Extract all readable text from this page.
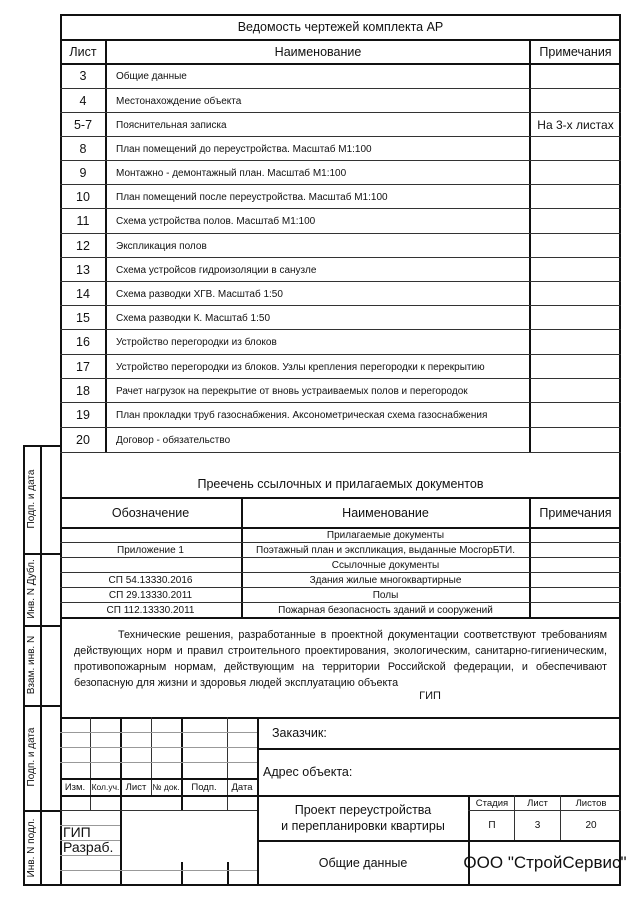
Ведомость чертежей комплекта АР
Лист	Наименование	Примечания
3	Общие данные
4	Местонахождение объекта
5-7	Пояснительная записка	На 3-х листах
8	План помещений до переустройства. Масштаб М1:100
9	Монтажно - демонтажный план. Масштаб М1:100
10	План помещений после переустройства. Масштаб М1:100
11	Схема устройства полов. Масштаб М1:100
12	Экспликация полов
13	Схема устройсов гидроизоляции в санузле
14	Схема разводки ХГВ. Масштаб 1:50
15	Схема разводки К. Масштаб 1:50
16	Устройство перегородки из блоков
17	Устройство перегородки из блоков. Узлы крепления перегородки к перекрытию
18	Рачет нагрузок на перекрытие от вновь устраиваемых полов и перегородок
19	План прокладки труб газоснабжения. Аксонометрическая схема газоснабжения
20	Договор - обязательство
Преечень ссылочных и прилагаемых документов
Обозначение	Наименование	Примечания
Прилагаемые документы
Приложение 1	Поэтажный план и экспликация, выданные МосгорБТИ.
Ссылочные документы
СП 54.13330.2016	Здания жилые многоквартирные
СП 29.13330.2011	Полы
СП 112.13330.2011	Пожарная безопасность зданий и сооружений
Технические решения, разработанные в проектной документации соответствуют требованиям действующих норм и правил строительного проектирования, экологическим, санитарно-гигиеническим, противопожарным нормам, действующим на территории Российской федерации, и обеспечивают безопасную для жизни и здоровья людей эксплуатацию объекта
ГИП
Подп. и дата
Инв. N Дубл.
Взам. инв. N
Подп. и дата
Инв. N подл.
Изм. Кол.уч. Лист № док.	Подп.	Дата
ГИП
Разраб.
Заказчик:
Адрес объекта:
Проект переустройства
и перепланировки квартиры
Стадия	Лист	Листов
П	3	20
Общие данные	ООО "СтройСервис"
